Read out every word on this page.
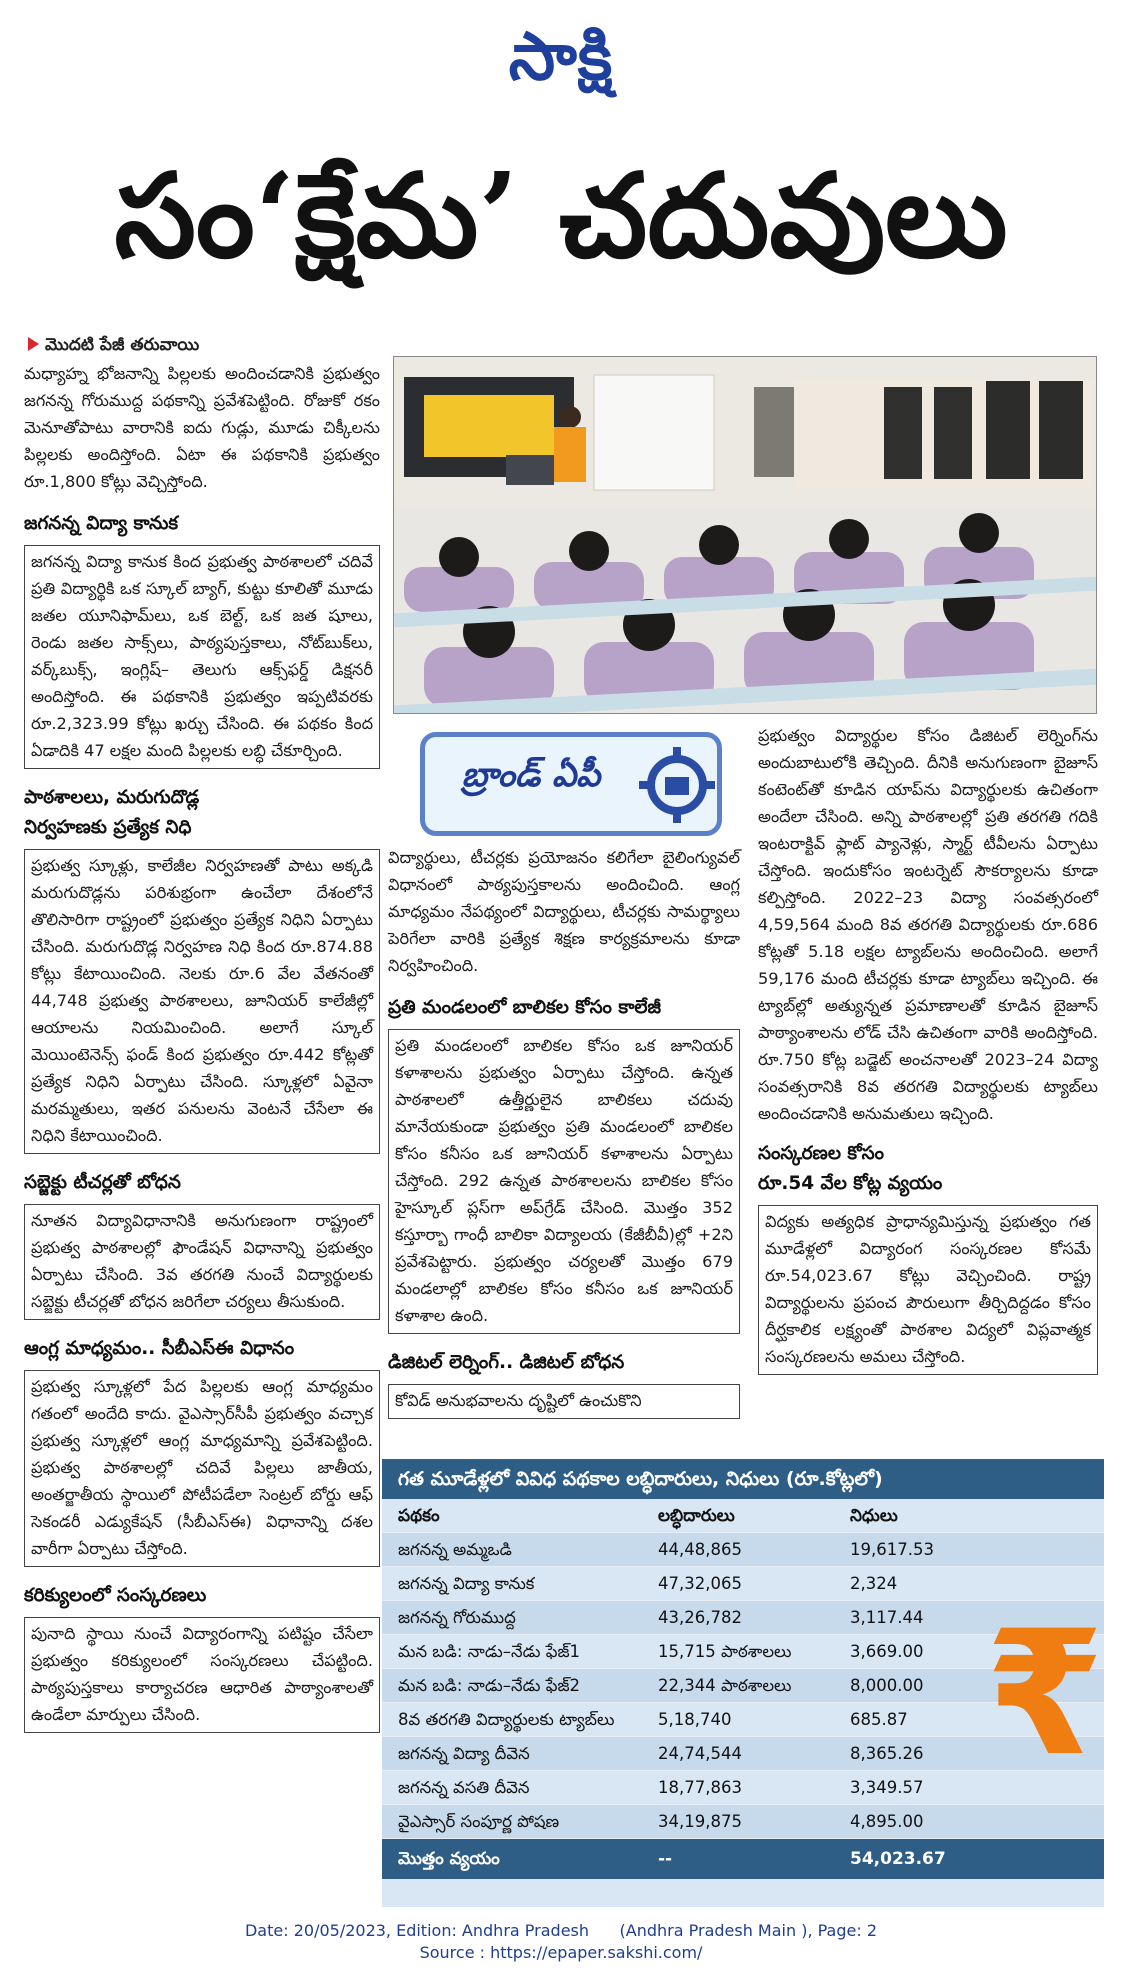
సాక్షి
సం‘క్షేమ’ చదువులు
మొదటి పేజీ తరువాయి

మధ్యాహ్న భోజనాన్ని పిల్లలకు అందించడానికి ప్రభుత్వం జగనన్న గోరుముద్ద పథకాన్ని ప్రవేశపెట్టింది. రోజుకో రకం మెనూతోపాటు వారానికి ఐదు గుడ్లు, మూడు చిక్కీలను పిల్లలకు అందిస్తోంది. ఏటా ఈ పథకానికి ప్రభుత్వం రూ.1,800 కోట్లు వెచ్చిస్తోంది.

జగనన్న విద్యా కానుక

జగనన్న విద్యా కానుక కింద ప్రభుత్వ పాఠశాలలో చదివే ప్రతి విద్యార్థికి ఒక స్కూల్‌ బ్యాగ్, కుట్టు కూలితో మూడు జతల యూనిఫామ్‌లు, ఒక బెల్ట్, ఒక జత షూలు, రెండు జతల సాక్స్‌లు, పాఠ్యపుస్తకాలు, నోట్‌బుక్‌లు, వర్క్‌బుక్స్, ఇంగ్లిష్‌– తెలుగు ఆక్స్‌ఫర్డ్‌ డిక్షనరీ అందిస్తోంది. ఈ పథకానికి ప్రభుత్వం ఇప్పటివరకు రూ.2,323.99 కోట్లు ఖర్చు చేసింది. ఈ పథకం కింద ఏడాదికి 47 లక్షల మంది పిల్లలకు లబ్ధి చేకూర్చింది.

పాఠశాలలు, మరుగుదొడ్ల
నిర్వహణకు ప్రత్యేక నిధి

ప్రభుత్వ స్కూళ్లు, కాలేజీల నిర్వహణతో పాటు అక్కడి మరుగుదొడ్లను పరిశుభ్రంగా ఉంచేలా దేశంలోనే తొలిసారిగా రాష్ట్రంలో ప్రభుత్వం ప్రత్యేక నిధిని ఏర్పాటు చేసింది. మరుగుదొడ్ల నిర్వహణ నిధి కింద రూ.874.88 కోట్లు కేటాయించింది. నెలకు రూ.6 వేల వేతనంతో 44,748 ప్రభుత్వ పాఠశాలలు, జూనియర్‌ కాలేజీల్లో ఆయాలను నియమించింది. అలాగే స్కూల్‌ మెయింటెనెన్స్‌ ఫండ్‌ కింద ప్రభుత్వం రూ.442 కోట్లతో ప్రత్యేక నిధిని ఏర్పాటు చేసింది. స్కూళ్లలో ఏవైనా మరమ్మతులు, ఇతర పనులను వెంటనే చేసేలా ఈ నిధిని కేటాయించింది.

సబ్జెక్టు టీచర్లతో బోధన

నూతన విద్యావిధానానికి అనుగుణంగా రాష్ట్రంలో ప్రభుత్వ పాఠశాలల్లో ఫౌండేషన్‌ విధానాన్ని ప్రభుత్వం ఏర్పాటు చేసింది. 3వ తరగతి నుంచే విద్యార్థులకు సబ్జెక్టు టీచర్లతో బోధన జరిగేలా చర్యలు తీసుకుంది.

ఆంగ్ల మాధ్యమం.. సీబీఎస్‌ఈ విధానం

ప్రభుత్వ స్కూళ్లలో పేద పిల్లలకు ఆంగ్ల మాధ్యమం గతంలో అందేది కాదు. వైఎస్సార్‌సీపీ ప్రభుత్వం వచ్చాక ప్రభుత్వ స్కూళ్లలో ఆంగ్ల మాధ్యమాన్ని ప్రవేశపెట్టింది. ప్రభుత్వ పాఠశాలల్లో చదివే పిల్లలు జాతీయ, అంతర్జాతీయ స్థాయిలో పోటీపడేలా సెంట్రల్‌ బోర్డు ఆఫ్‌ సెకండరీ ఎడ్యుకేషన్‌ (సీబీఎస్‌ఈ) విధానాన్ని దశల వారీగా ఏర్పాటు చేస్తోంది.

కరిక్యులంలో సంస్కరణలు

పునాది స్థాయి నుంచే విద్యారంగాన్ని పటిష్టం చేసేలా ప్రభుత్వం కరిక్యులంలో సంస్కరణలు చేపట్టింది. పాఠ్యపుస్తకాలు కార్యాచరణ ఆధారిత పాఠ్యాంశాలతో ఉండేలా మార్పులు చేసింది.

బ్రాండ్ ఏపీ

విద్యార్థులు, టీచర్లకు ప్రయోజనం కలిగేలా బైలింగ్యువల్‌ విధానంలో పాఠ్యపుస్తకాలను అందించింది. ఆంగ్ల మాధ్యమం నేపథ్యంలో విద్యార్థులు, టీచర్లకు సామర్థ్యాలు పెరిగేలా వారికి ప్రత్యేక శిక్షణ కార్యక్రమాలను కూడా నిర్వహించింది.

ప్రతి మండలంలో బాలికల కోసం కాలేజీ

ప్రతి మండలంలో బాలికల కోసం ఒక జూనియర్‌ కళాశాలను ప్రభుత్వం ఏర్పాటు చేస్తోంది. ఉన్నత పాఠశాలలో ఉత్తీర్ణులైన బాలికలు చదువు మానేయకుండా ప్రభుత్వం ప్రతి మండలంలో బాలికల కోసం కనీసం ఒక జూనియర్‌ కళాశాలను ఏర్పాటు చేస్తోంది. 292 ఉన్నత పాఠశాలలను బాలికల కోసం హైస్కూల్‌ ప్లస్‌గా అప్‌గ్రేడ్‌ చేసింది. మొత్తం 352 కస్తూర్బా గాంధీ బాలికా విద్యాలయ (కేజీబీవీ)ల్లో +2ని ప్రవేశపెట్టారు. ప్రభుత్వం చర్యలతో మొత్తం 679 మండలాల్లో బాలికల కోసం కనీసం ఒక జూనియర్‌ కళాశాల ఉంది.

డిజిటల్‌ లెర్నింగ్‌.. డిజిటల్‌ బోధన

కోవిడ్‌ అనుభవాలను దృష్టిలో ఉంచుకొని

ప్రభుత్వం విద్యార్థుల కోసం డిజిటల్‌ లెర్నింగ్‌ను అందుబాటులోకి తెచ్చింది. దీనికి అనుగుణంగా బైజూస్‌ కంటెంట్‌తో కూడిన యాప్‌ను విద్యార్థులకు ఉచితంగా అందేలా చేసింది. అన్ని పాఠశాలల్లో ప్రతి తరగతి గదికి ఇంటరాక్టివ్‌ ఫ్లాట్‌ ప్యానెళ్లు, స్మార్ట్‌ టీవీలను ఏర్పాటు చేస్తోంది. ఇందుకోసం ఇంటర్నెట్‌ సౌకర్యాలను కూడా కల్పిస్తోంది. 2022–23 విద్యా సంవత్సరంలో 4,59,564 మంది 8వ తరగతి విద్యార్థులకు రూ.686 కోట్లతో 5.18 లక్షల ట్యాబ్‌లను అందించింది. అలాగే 59,176 మంది టీచర్లకు కూడా ట్యాబ్‌లు ఇచ్చింది. ఈ ట్యాబ్‌ల్లో అత్యున్నత ప్రమాణాలతో కూడిన బైజూస్‌ పాఠ్యాంశాలను లోడ్‌ చేసి ఉచితంగా వారికి అందిస్తోంది. రూ.750 కోట్ల బడ్జెట్‌ అంచనాలతో 2023–24 విద్యా సంవత్సరానికి 8వ తరగతి విద్యార్థులకు ట్యాబ్‌లు అందించడానికి అనుమతులు ఇచ్చింది.

సంస్కరణల కోసం
రూ.54 వేల కోట్ల వ్యయం

విద్యకు అత్యధిక ప్రాధాన్యమిస్తున్న ప్రభుత్వం గత మూడేళ్లలో విద్యారంగ సంస్కరణల కోసమే రూ.54,023.67 కోట్లు వెచ్చించింది. రాష్ట్ర విద్యార్థులను ప్రపంచ పౌరులుగా తీర్చిదిద్దడం కోసం దీర్ఘకాలిక లక్ష్యంతో పాఠశాల విద్యలో విప్లవాత్మక సంస్కరణలను అమలు చేస్తోంది.

గత మూడేళ్లలో వివిధ పథకాల లబ్ధిదారులు, నిధులు (రూ.కోట్లలో)
పథకం	లబ్ధిదారులు	నిధులు
జగనన్న అమ్మఒడి	44,48,865	19,617.53
జగనన్న విద్యా కానుక	47,32,065	2,324
జగనన్న గోరుముద్ద	43,26,782	3,117.44
మన బడి: నాడు–నేడు ఫేజ్‌1	15,715 పాఠశాలలు	3,669.00
మన బడి: నాడు–నేడు ఫేజ్‌2	22,344 పాఠశాలలు	8,000.00
8వ తరగతి విద్యార్థులకు ట్యాబ్‌లు	5,18,740	685.87
జగనన్న విద్యా దీవెన	24,74,544	8,365.26
జగనన్న వసతి దీవెన	18,77,863	3,349.57
వైఎస్సార్‌ సంపూర్ణ పోషణ	34,19,875	4,895.00
మొత్తం వ్యయం	--	54,023.67
₹
Date: 20/05/2023, Edition: Andhra Pradesh      (Andhra Pradesh Main ), Page: 2
Source : https://epaper.sakshi.com/
